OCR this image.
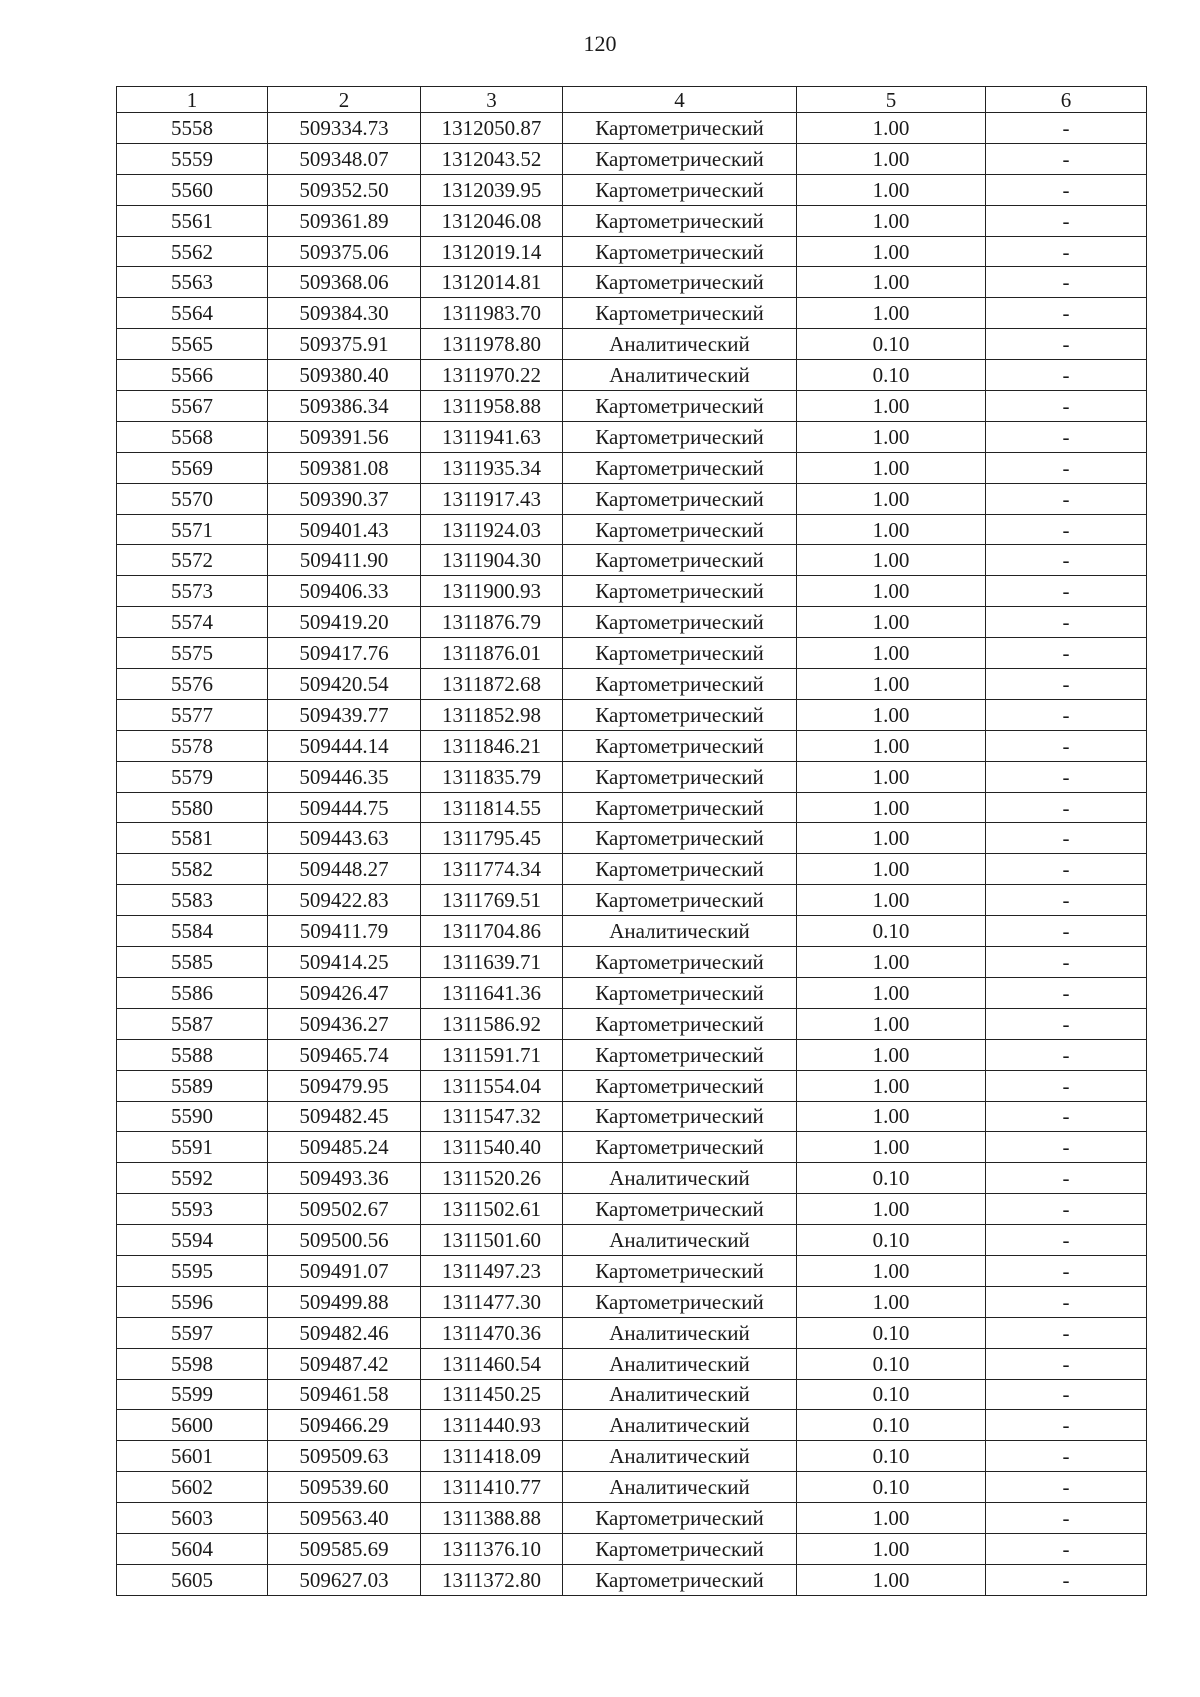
120
1	2	3	4	5	6
5558	509334.73	1312050.87	Картометрический	1.00	-
5559	509348.07	1312043.52	Картометрический	1.00	-
5560	509352.50	1312039.95	Картометрический	1.00	-
5561	509361.89	1312046.08	Картометрический	1.00	-
5562	509375.06	1312019.14	Картометрический	1.00	-
5563	509368.06	1312014.81	Картометрический	1.00	-
5564	509384.30	1311983.70	Картометрический	1.00	-
5565	509375.91	1311978.80	Аналитический	0.10	-
5566	509380.40	1311970.22	Аналитический	0.10	-
5567	509386.34	1311958.88	Картометрический	1.00	-
5568	509391.56	1311941.63	Картометрический	1.00	-
5569	509381.08	1311935.34	Картометрический	1.00	-
5570	509390.37	1311917.43	Картометрический	1.00	-
5571	509401.43	1311924.03	Картометрический	1.00	-
5572	509411.90	1311904.30	Картометрический	1.00	-
5573	509406.33	1311900.93	Картометрический	1.00	-
5574	509419.20	1311876.79	Картометрический	1.00	-
5575	509417.76	1311876.01	Картометрический	1.00	-
5576	509420.54	1311872.68	Картометрический	1.00	-
5577	509439.77	1311852.98	Картометрический	1.00	-
5578	509444.14	1311846.21	Картометрический	1.00	-
5579	509446.35	1311835.79	Картометрический	1.00	-
5580	509444.75	1311814.55	Картометрический	1.00	-
5581	509443.63	1311795.45	Картометрический	1.00	-
5582	509448.27	1311774.34	Картометрический	1.00	-
5583	509422.83	1311769.51	Картометрический	1.00	-
5584	509411.79	1311704.86	Аналитический	0.10	-
5585	509414.25	1311639.71	Картометрический	1.00	-
5586	509426.47	1311641.36	Картометрический	1.00	-
5587	509436.27	1311586.92	Картометрический	1.00	-
5588	509465.74	1311591.71	Картометрический	1.00	-
5589	509479.95	1311554.04	Картометрический	1.00	-
5590	509482.45	1311547.32	Картометрический	1.00	-
5591	509485.24	1311540.40	Картометрический	1.00	-
5592	509493.36	1311520.26	Аналитический	0.10	-
5593	509502.67	1311502.61	Картометрический	1.00	-
5594	509500.56	1311501.60	Аналитический	0.10	-
5595	509491.07	1311497.23	Картометрический	1.00	-
5596	509499.88	1311477.30	Картометрический	1.00	-
5597	509482.46	1311470.36	Аналитический	0.10	-
5598	509487.42	1311460.54	Аналитический	0.10	-
5599	509461.58	1311450.25	Аналитический	0.10	-
5600	509466.29	1311440.93	Аналитический	0.10	-
5601	509509.63	1311418.09	Аналитический	0.10	-
5602	509539.60	1311410.77	Аналитический	0.10	-
5603	509563.40	1311388.88	Картометрический	1.00	-
5604	509585.69	1311376.10	Картометрический	1.00	-
5605	509627.03	1311372.80	Картометрический	1.00	-
